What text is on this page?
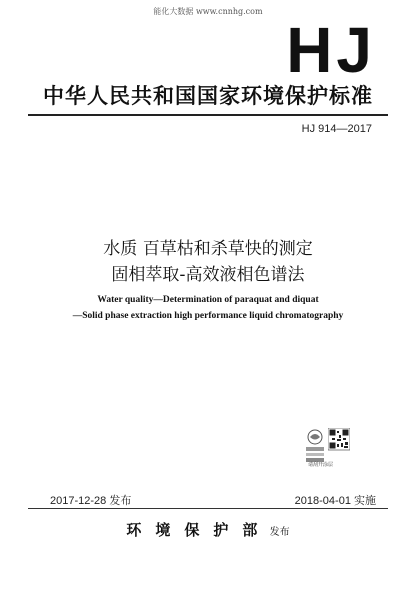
能化大数据 www.cnnhg.com
HJ
中华人民共和国国家环境保护标准
HJ 914—2017
水质 百草枯和杀草快的测定
固相萃取-高效液相色谱法
Water quality—Determination of paraquat and diquat
—Solid phase extraction high performance liquid chromatography
请刮开涂层
2017-12-28 发布	2018-04-01 实施
环境保护部 发布
